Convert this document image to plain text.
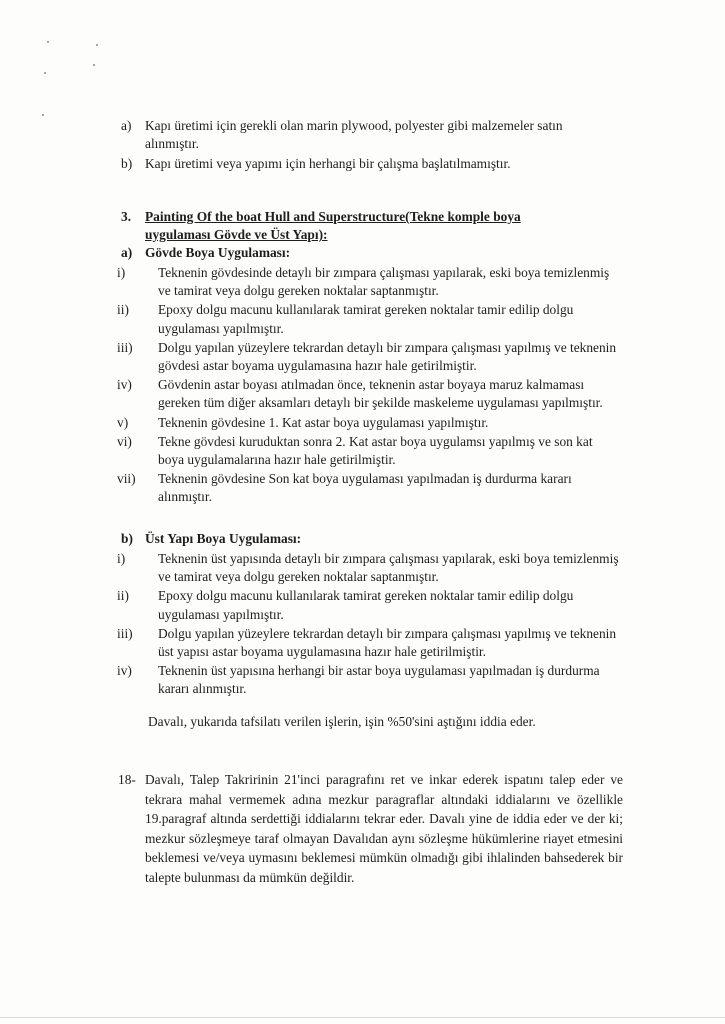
a)	Kapı üretimi için gerekli olan marin plywood, polyester gibi malzemeler satın alınmıştır.
b) Kapı üretimi veya yapımı için herhangi bir çalışma başlatılmamıştır.
3.	Painting Of the boat Hull and Superstructure(Tekne komple boya uygulaması Gövde ve Üst Yapı):
a) Gövde Boya Uygulaması:
i)	Teknenin gövdesinde detaylı bir zımpara çalışması yapılarak, eski boya temizlenmiş ve tamirat veya dolgu gereken noktalar saptanmıştır.
ii)	Epoxy dolgu macunu kullanılarak tamirat gereken noktalar tamir edilip dolgu uygulaması yapılmıştır.
iii)	Dolgu yapılan yüzeylere tekrardan detaylı bir zımpara çalışması yapılmış ve teknenin gövdesi astar boyama uygulamasına hazır hale getirilmiştir.
iv)	Gövdenin astar boyası atılmadan önce, teknenin astar boyaya maruz kalmaması gereken tüm diğer aksamları detaylı bir şekilde maskeleme uygulaması yapılmıştır.
v)	Teknenin gövdesine 1. Kat astar boya uygulaması yapılmıştır.
vi)	Tekne gövdesi kuruduktan sonra 2. Kat astar boya uygulamsı yapılmış ve son kat boya uygulamalarına hazır hale getirilmiştir.
vii)	Teknenin gövdesine Son kat boya uygulaması yapılmadan iş durdurma kararı alınmıştır.
b) Üst Yapı Boya Uygulaması:
i)	Teknenin üst yapısında detaylı bir zımpara çalışması yapılarak, eski boya temizlenmiş ve tamirat veya dolgu gereken noktalar saptanmıştır.
ii)	Epoxy dolgu macunu kullanılarak tamirat gereken noktalar tamir edilip dolgu uygulaması yapılmıştır.
iii)	Dolgu yapılan yüzeylere tekrardan detaylı bir zımpara çalışması yapılmış ve teknenin üst yapısı astar boyama uygulamasına hazır hale getirilmiştir.
iv)	Teknenin üst yapısına herhangi bir astar boya uygulaması yapılmadan iş durdurma kararı alınmıştır.
Davalı, yukarıda tafsilatı verilen işlerin, işin %50'sini aştığını iddia eder.
18- Davalı, Talep Takririnin 21'inci paragrafını ret ve inkar ederek ispatını talep eder ve tekrara mahal vermemek adına mezkur paragraflar altındaki iddialarını ve özellikle 19.paragraf altında serdettiği iddialarını tekrar eder. Davalı yine de iddia eder ve der ki; mezkur sözleşmeye taraf olmayan Davalıdan aynı sözleşme hükümlerine riayet etmesini beklemesi ve/veya uymasını beklemesi mümkün olmadığı gibi ihlalinden bahsederek bir talepte bulunması da mümkün değildir.
